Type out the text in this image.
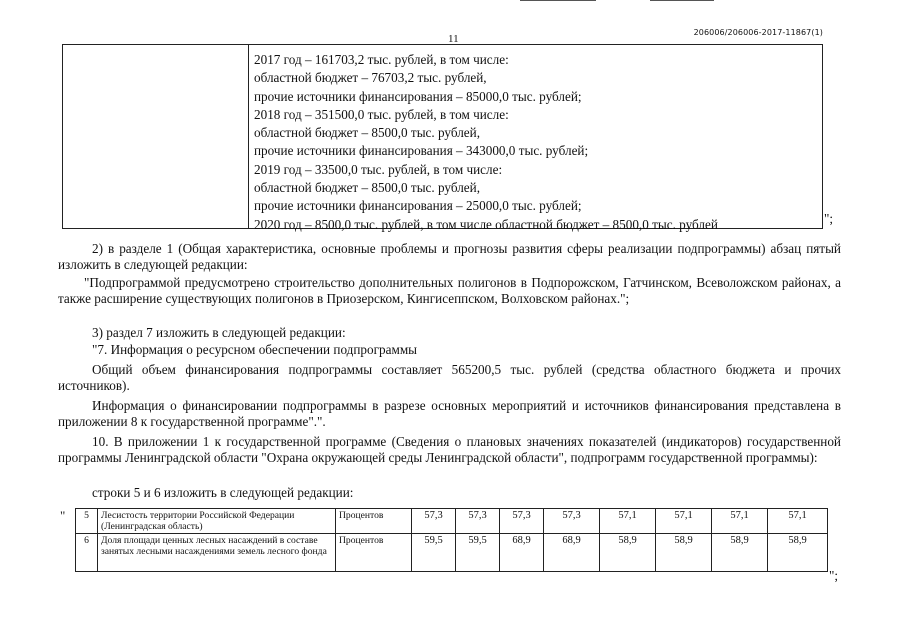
206006/206006-2017-11867(1)
11
2017 год – 161703,2 тыс. рублей, в том числе:
областной бюджет – 76703,2 тыс. рублей,
прочие источники финансирования – 85000,0 тыс. рублей;
2018 год – 351500,0 тыс. рублей, в том числе:
областной бюджет – 8500,0 тыс. рублей,
прочие источники финансирования – 343000,0 тыс. рублей;
2019 год – 33500,0 тыс. рублей, в том числе:
областной бюджет – 8500,0 тыс. рублей,
прочие источники финансирования – 25000,0 тыс. рублей;
2020 год – 8500,0 тыс. рублей, в том числе областной бюджет – 8500,0 тыс. рублей	";
2) в разделе 1 (Общая характеристика, основные проблемы и прогнозы развития сферы реализации подпрограммы) абзац пятый изложить в следующей редакции:
"Подпрограммой предусмотрено строительство дополнительных полигонов в Подпорожском, Гатчинском, Всеволожском районах, а также расширение существующих полигонов в Приозерском, Кингисеппском, Волховском районах.";
3) раздел 7 изложить в следующей редакции:
"7. Информация о ресурсном обеспечении подпрограммы
Общий объем финансирования подпрограммы составляет 565200,5 тыс. рублей (средства областного бюджета и прочих источников).
Информация о финансировании подпрограммы в разрезе основных мероприятий и источников финансирования представлена в приложении 8 к государственной программе".".
10. В приложении 1 к государственной программе (Сведения о плановых значениях показателей (индикаторов) государственной программы Ленинградской области "Охрана окружающей среды Ленинградской области", подпрограмм государственной программы):
строки 5 и 6 изложить в следующей редакции:
" 5	Лесистость территории Российской Федерации (Ленинградская область)	Процентов	57,3	57,3	57,3	57,3	57,1	57,1	57,1	57,1
6	Доля площади ценных лесных насаждений в составе занятых лесными насаждениями земель лесного фонда	Процентов	59,5	59,5	68,9	68,9	58,9	58,9	58,9	58,9
";
